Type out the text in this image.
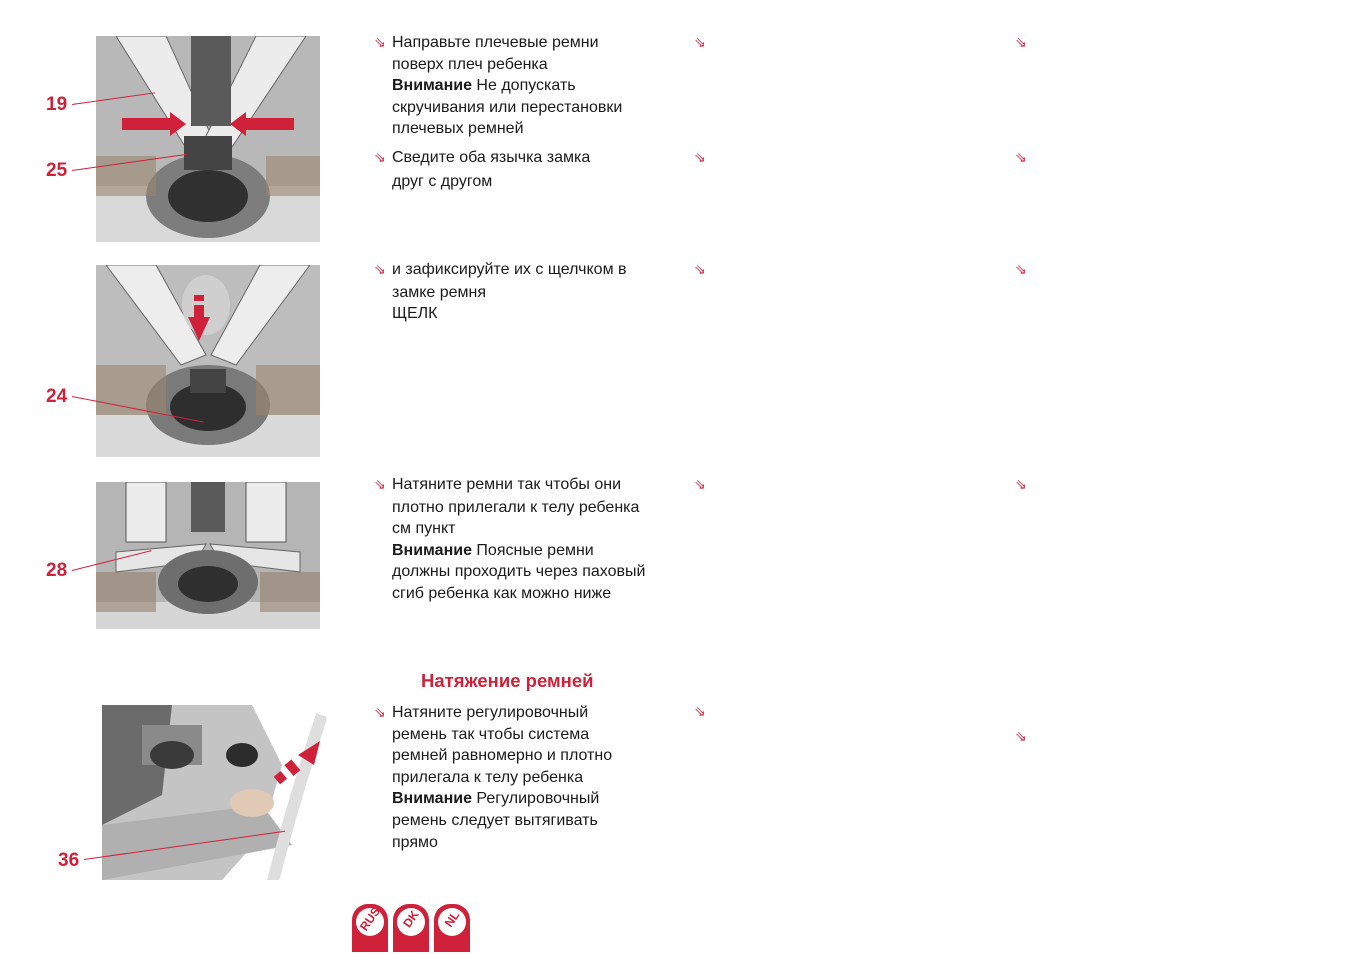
19
25
24
28
36

⇘ Направьте плечевые ремни

поверх плеч ребенка

Внимание Не допускать

скручивания или перестановки

плечевых ремней

⇘ Сведите оба язычка замка

друг с другом

⇘ и зафиксируйте их с щелчком в

замке ремня

ЩЕЛК

⇘ Натяните ремни так чтобы они

плотно прилегали к телу ребенка

см пункт

Внимание Поясные ремни

должны проходить через паховый

сгиб ребенка как можно ниже

Натяжение ремней

⇘ Натяните регулировочный

ремень так чтобы система

ремней равномерно и плотно

прилегала к телу ребенка

Внимание Регулировочный

ремень следует вытягивать

прямо

⇘	⇘
⇘	⇘
⇘	⇘
⇘	⇘
⇘
⇘
RUS	DK	NL
